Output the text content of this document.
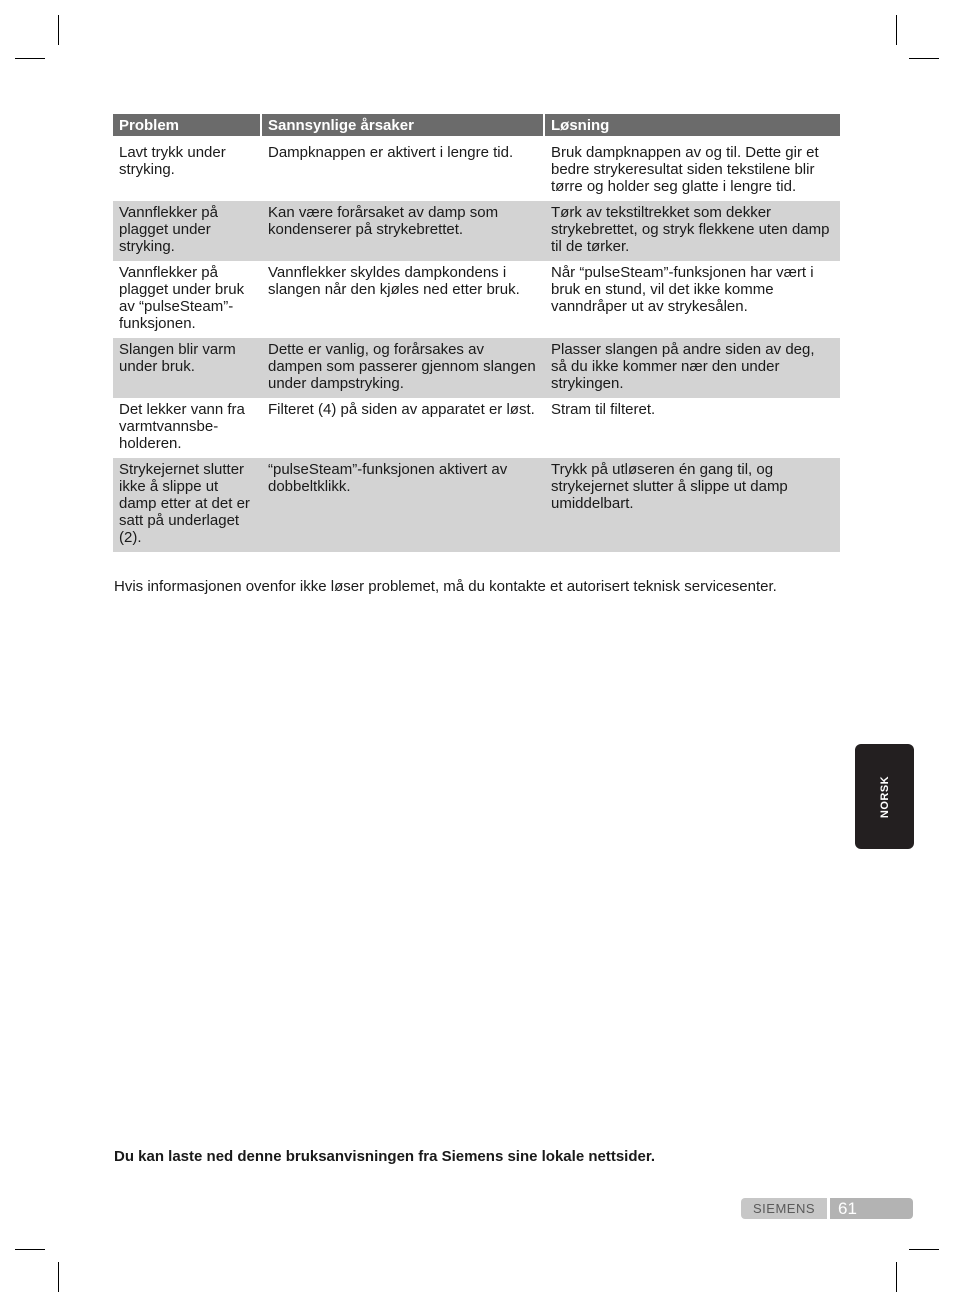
Problem	Sannsynlige årsaker	Løsning
Lavt trykk under stryking.	Dampknappen er aktivert i lengre tid.	Bruk dampknappen av og til. Dette gir et bedre strykeresultat siden tekstilene blir tørre og holder seg glatte i lengre tid.
Vannflekker på plagget under stryking.	Kan være forårsaket av damp som kondenserer på strykebrettet.	Tørk av tekstiltrekket som dekker strykebrettet, og stryk flekkene uten damp til de tørker.
Vannflekker på plagget under bruk av “pulseSteam”-funksjonen.	Vannflekker skyldes dampkondens i slangen når den kjøles ned etter bruk.	Når “pulseSteam”-funksjonen har vært i bruk en stund, vil det ikke komme vanndråper ut av strykesålen.
Slangen blir varm under bruk.	Dette er vanlig, og forårsakes av dampen som passerer gjennom slangen under dampstryking.	Plasser slangen på andre siden av deg, så du ikke kommer nær den under strykingen.
Det lekker vann fra varmtvannsbe-holderen.	Filteret (4) på siden av apparatet er løst.	Stram til filteret.
Strykejernet slutter ikke å slippe ut damp etter at det er satt på underlaget (2).	“pulseSteam”-funksjonen aktivert av dobbeltklikk.	Trykk på utløseren én gang til, og strykejernet slutter å slippe ut damp umiddelbart.

Hvis informasjonen ovenfor ikke løser problemet, må du kontakte et autorisert teknisk servicesenter.

NORSK

Du kan laste ned denne bruksanvisningen fra Siemens sine lokale nettsider.

SIEMENS	61
